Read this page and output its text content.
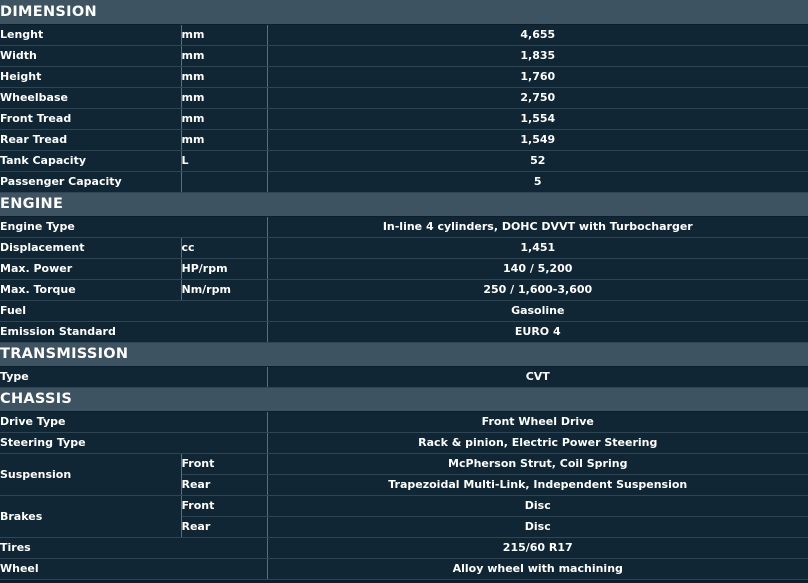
DIMENSION		
Lenght	mm	4,655
Width	mm	1,835
Height	mm	1,760
Wheelbase	mm	2,750
Front Tread	mm	1,554
Rear Tread	mm	1,549
Tank Capacity	L	52
Passenger Capacity		5
ENGINE		
Engine Type		In-line 4 cylinders, DOHC DVVT with Turbocharger
Displacement	cc	1,451
Max. Power	HP/rpm	140 / 5,200
Max. Torque	Nm/rpm	250 / 1,600-3,600
Fuel		Gasoline
Emission Standard		EURO 4
TRANSMISSION		
Type		CVT
CHASSIS		
Drive Type		Front Wheel Drive
Steering Type		Rack & pinion, Electric Power Steering
Suspension	Front	McPherson Strut, Coil Spring
	Rear	Trapezoidal Multi-Link, Independent Suspension
Brakes	Front	Disc
	Rear	Disc
Tires		215/60 R17
Wheel		Alloy wheel with machining
